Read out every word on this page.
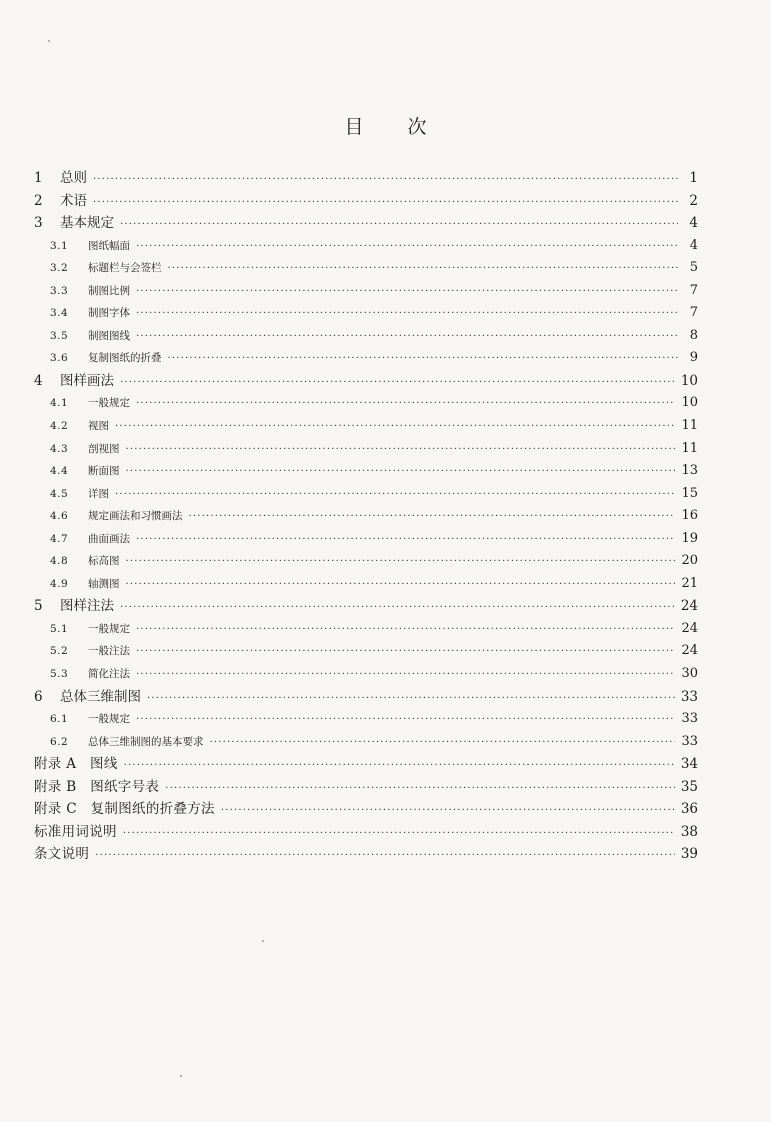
目 次
1	总则 ·····	1
2	术语 ·····	2
3	基本规定 ·····	4
3.1	图纸幅面 ·····	4
3.2	标题栏与会签栏 ·····	5
3.3	制图比例 ·····	7
3.4	制图字体 ·····	7
3.5	制图图线 ·····	8
3.6	复制图纸的折叠 ·····	9
4	图样画法 ·····	10
4.1	一般规定 ·····	10
4.2	视图 ·····	11
4.3	剖视图 ·····	11
4.4	断面图 ·····	13
4.5	详图 ·····	15
4.6	规定画法和习惯画法 ·····	16
4.7	曲面画法 ·····	19
4.8	标高图 ·····	20
4.9	轴测图 ·····	21
5	图样注法 ·····	24
5.1	一般规定 ·····	24
5.2	一般注法 ·····	24
5.3	简化注法 ·····	30
6	总体三维制图 ·····	33
6.1	一般规定 ·····	33
6.2	总体三维制图的基本要求 ·····	33
附录 A　图线 ·····	34
附录 B　图纸字号表 ·····	35
附录 C　复制图纸的折叠方法 ·····	36
标准用词说明 ·····	38
条文说明 ·····	39
